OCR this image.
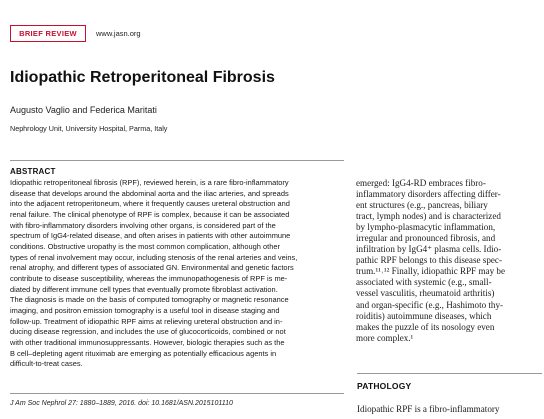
BRIEF REVIEW	www.jasn.org
Idiopathic Retroperitoneal Fibrosis
Augusto Vaglio and Federica Maritati
Nephrology Unit, University Hospital, Parma, Italy
ABSTRACT
Idiopathic retroperitoneal fibrosis (RPF), reviewed herein, is a rare fibro-inflammatory
disease that develops around the abdominal aorta and the iliac arteries, and spreads
into the adjacent retroperitoneum, where it frequently causes ureteral obstruction and
renal failure. The clinical phenotype of RPF is complex, because it can be associated
with fibro-inflammatory disorders involving other organs, is considered part of the
spectrum of IgG4-related disease, and often arises in patients with other autoimmune
conditions. Obstructive uropathy is the most common complication, although other
types of renal involvement may occur, including stenosis of the renal arteries and veins,
renal atrophy, and different types of associated GN. Environmental and genetic factors
contribute to disease susceptibility, whereas the immunopathogenesis of RPF is me-
diated by different immune cell types that eventually promote fibroblast activation.
The diagnosis is made on the basis of computed tomography or magnetic resonance
imaging, and positron emission tomography is a useful tool in disease staging and
follow-up. Treatment of idiopathic RPF aims at relieving ureteral obstruction and in-
ducing disease regression, and includes the use of glucocorticoids, combined or not
with other traditional immunosuppressants. However, biologic therapies such as the
B cell–depleting agent rituximab are emerging as potentially efficacious agents in
difficult-to-treat cases.
J Am Soc Nephrol 27: 1880–1889, 2016. doi: 10.1681/ASN.2015101110
emerged: IgG4-RD embraces fibro-
inflammatory disorders affecting differ-
ent structures (e.g., pancreas, biliary
tract, lymph nodes) and is characterized
by lympho-plasmacytic inflammation,
irregular and pronounced fibrosis, and
infiltration by IgG4⁺ plasma cells. Idio-
pathic RPF belongs to this disease spec-
trum.¹¹˒¹² Finally, idiopathic RPF may be
associated with systemic (e.g., small-
vessel vasculitis, rheumatoid arthritis)
and organ-specific (e.g., Hashimoto thy-
roiditis) autoimmune diseases, which
makes the puzzle of its nosology even
more complex.¹
PATHOLOGY
Idiopathic RPF is a fibro-inflammatory
